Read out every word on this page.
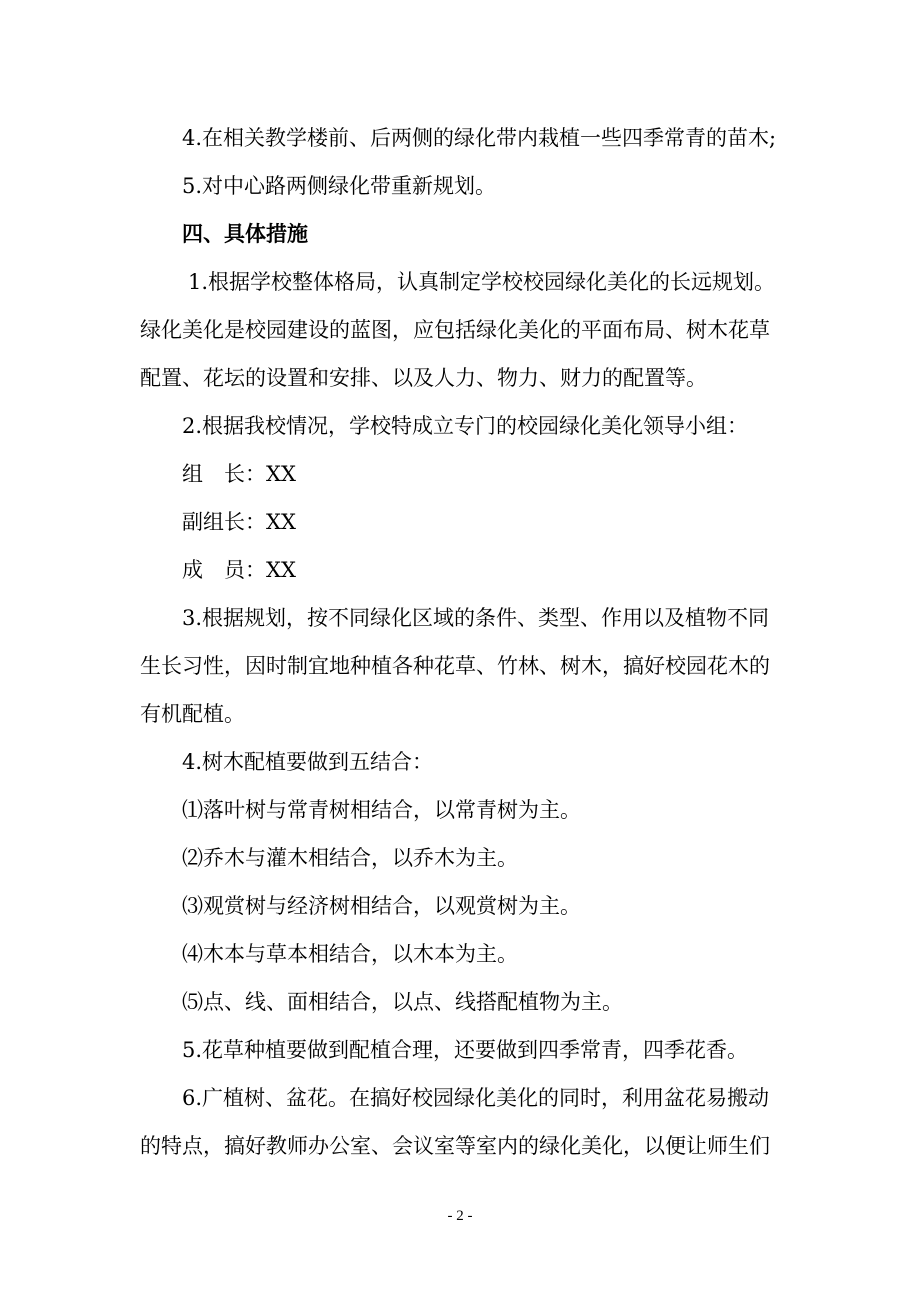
4.在相关教学楼前、后两侧的绿化带内栽植一些四季常青的苗木;
5.对中心路两侧绿化带重新规划。
四、具体措施
1.根据学校整体格局，认真制定学校校园绿化美化的长远规划。
绿化美化是校园建设的蓝图，应包括绿化美化的平面布局、树木花草
配置、花坛的设置和安排、以及人力、物力、财力的配置等。
2.根据我校情况，学校特成立专门的校园绿化美化领导小组：
组　长：XX
副组长：XX
成　员：XX
3.根据规划，按不同绿化区域的条件、类型、作用以及植物不同
生长习性，因时制宜地种植各种花草、竹林、树木，搞好校园花木的
有机配植。
4.树木配植要做到五结合：
⑴落叶树与常青树相结合，以常青树为主。
⑵乔木与灌木相结合，以乔木为主。
⑶观赏树与经济树相结合，以观赏树为主。
⑷木本与草本相结合，以木本为主。
⑸点、线、面相结合，以点、线搭配植物为主。
5.花草种植要做到配植合理，还要做到四季常青，四季花香。
6.广植树、盆花。在搞好校园绿化美化的同时，利用盆花易搬动
的特点，搞好教师办公室、会议室等室内的绿化美化，以便让师生们
- 2 -
